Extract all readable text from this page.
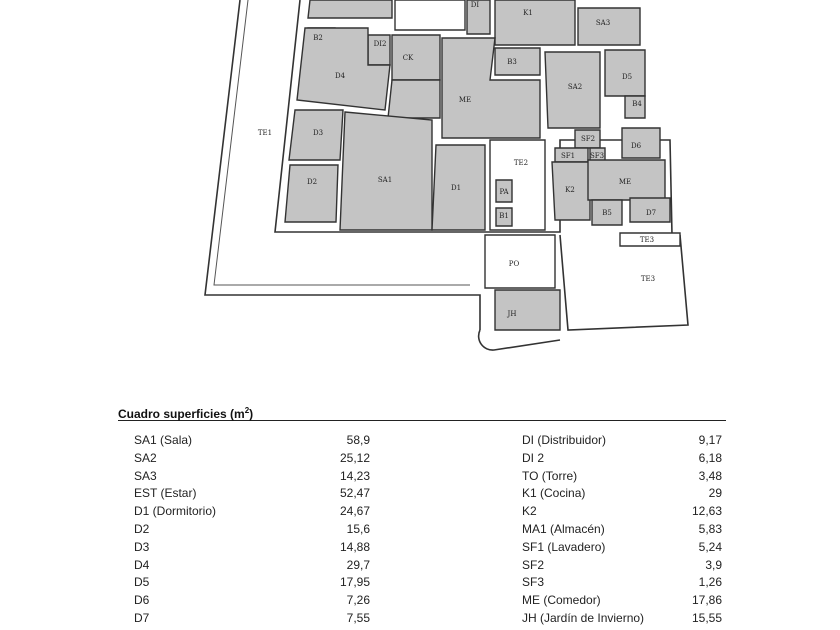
DI
K1
SA3
B2
DI2
CK
D4
B3
ME
SA2
D5
B4
TE1	D3
SF2
SF1 SF3
D6
TE2
SA1
D2
D1	PA	K2
ME
B1	B5	D7
TE3
PO
TE3
JH
Cuadro superficies $(m^2)$
SA1 (Sala)	58,9
SA2	25,12
SA3	14,23
EST (Estar)	52,47
D1 (Dormitorio)	24,67
D2	15,6
D3	14,88
D4	29,7
D5	17,95
D6	7,26
D7	7,55
DI (Distribuidor)	9,17
DI 2	6,18
TO (Torre)	3,48
K1 (Cocina)	29
K2	12,63
MA1 (Almacén)	5,83
SF1 (Lavadero)	5,24
SF2	3,9
SF3	1,26
ME (Comedor)	17,86
JH (Jardín de Invierno)	15,55
